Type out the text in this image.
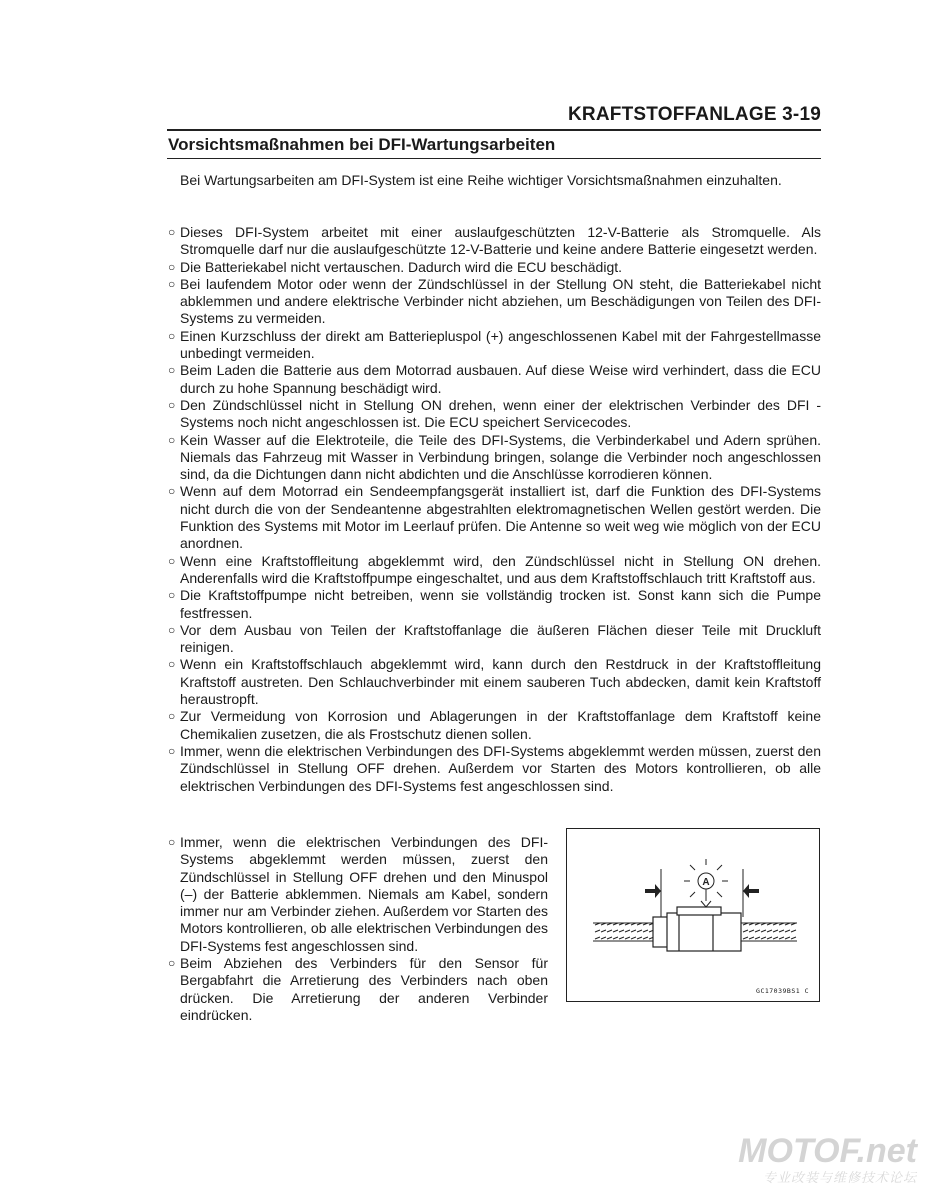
KRAFTSTOFFANLAGE 3-19
Vorsichtsmaßnahmen bei DFI-Wartungsarbeiten
Bei Wartungsarbeiten am DFI-System ist eine Reihe wichtiger Vorsichtsmaßnahmen einzuhalten.
○ Dieses DFI-System arbeitet mit einer auslaufgeschützten 12-V-Batterie als Stromquelle. Als Stromquelle darf nur die auslaufgeschützte 12-V-Batterie und keine andere Batterie eingesetzt werden.
○ Die Batteriekabel nicht vertauschen. Dadurch wird die ECU beschädigt.
○ Bei laufendem Motor oder wenn der Zündschlüssel in der Stellung ON steht, die Batteriekabel nicht abklemmen und andere elektrische Verbinder nicht abziehen, um Beschädigungen von Teilen des DFI-Systems zu vermeiden.
○ Einen Kurzschluss der direkt am Batteriepluspol (+) angeschlossenen Kabel mit der Fahrgestellmasse unbedingt vermeiden.
○ Beim Laden die Batterie aus dem Motorrad ausbauen. Auf diese Weise wird verhindert, dass die ECU durch zu hohe Spannung beschädigt wird.
○ Den Zündschlüssel nicht in Stellung ON drehen, wenn einer der elektrischen Verbinder des DFI -Systems noch nicht angeschlossen ist. Die ECU speichert Servicecodes.
○ Kein Wasser auf die Elektroteile, die Teile des DFI-Systems, die Verbinderkabel und Adern sprühen. Niemals das Fahrzeug mit Wasser in Verbindung bringen, solange die Verbinder noch angeschlossen sind, da die Dichtungen dann nicht abdichten und die Anschlüsse korrodieren können.
○ Wenn auf dem Motorrad ein Sendeempfangsgerät installiert ist, darf die Funktion des DFI-Systems nicht durch die von der Sendeantenne abgestrahlten elektromagnetischen Wellen gestört werden. Die Funktion des Systems mit Motor im Leerlauf prüfen. Die Antenne so weit weg wie möglich von der ECU anordnen.
○ Wenn eine Kraftstoffleitung abgeklemmt wird, den Zündschlüssel nicht in Stellung ON drehen. Anderenfalls wird die Kraftstoffpumpe eingeschaltet, und aus dem Kraftstoffschlauch tritt Kraftstoff aus.
○ Die Kraftstoffpumpe nicht betreiben, wenn sie vollständig trocken ist. Sonst kann sich die Pumpe festfressen.
○ Vor dem Ausbau von Teilen der Kraftstoffanlage die äußeren Flächen dieser Teile mit Druckluft reinigen.
○ Wenn ein Kraftstoffschlauch abgeklemmt wird, kann durch den Restdruck in der Kraftstoffleitung Kraftstoff austreten. Den Schlauchverbinder mit einem sauberen Tuch abdecken, damit kein Kraftstoff heraustropft.
○ Zur Vermeidung von Korrosion und Ablagerungen in der Kraftstoffanlage dem Kraftstoff keine Chemikalien zusetzen, die als Frostschutz dienen sollen.
○ Immer, wenn die elektrischen Verbindungen des DFI-Systems abgeklemmt werden müssen, zuerst den Zündschlüssel in Stellung OFF drehen. Außerdem vor Starten des Motors kontrollieren, ob alle elektrischen Verbindungen des DFI-Systems fest angeschlossen sind.
○ Immer, wenn die elektrischen Verbindungen des DFI-Systems abgeklemmt werden müssen, zuerst den Zündschlüssel in Stellung OFF drehen und den Minuspol (–) der Batterie abklemmen. Niemals am Kabel, sondern immer nur am Verbinder ziehen. Außerdem vor Starten des Motors kontrollieren, ob alle elektrischen Verbindungen des DFI-Systems fest angeschlossen sind.
○ Beim Abziehen des Verbinders für den Sensor für Bergabfahrt die Arretierung des Verbinders nach oben drücken. Die Arretierung der anderen Verbinder eindrücken.
A
GC17039BS1 C
MOTOF.net
专业改装与维修技术论坛
